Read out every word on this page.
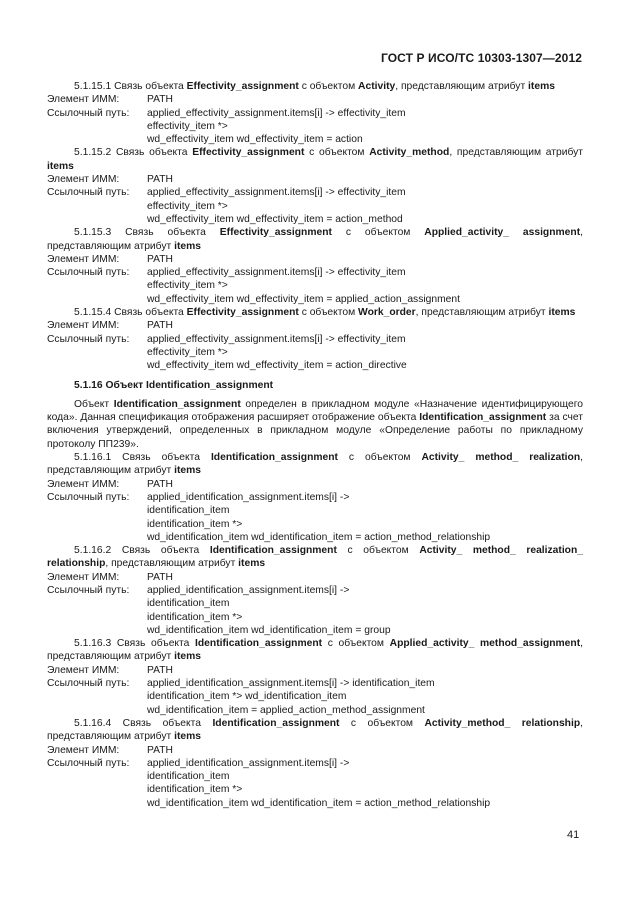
ГОСТ Р ИСО/ТС 10303-1307—2012

5.1.15.1 Связь объекта Effectivity_assignment с объектом Activity, представляющим атрибут items

Элемент ИММ:	PATH
Ссылочный путь:	applied_effectivity_assignment.items[i] -> effectivity_item
effectivity_item *>
wd_effectivity_item wd_effectivity_item = action

5.1.15.2 Связь объекта Effectivity_assignment с объектом Activity_method, представляющим атрибут items

Элемент ИММ:	PATH
Ссылочный путь:	applied_effectivity_assignment.items[i] -> effectivity_item
effectivity_item *>
wd_effectivity_item wd_effectivity_item = action_method

5.1.15.3 Связь объекта Effectivity_assignment с объектом Applied_activity_ assignment, представляющим атрибут items

Элемент ИММ:	PATH
Ссылочный путь:	applied_effectivity_assignment.items[i] -> effectivity_item
effectivity_item *>
wd_effectivity_item wd_effectivity_item = applied_action_assignment

5.1.15.4 Связь объекта Effectivity_assignment с объектом Work_order, представляющим атрибут items

Элемент ИММ:	PATH
Ссылочный путь:	applied_effectivity_assignment.items[i] -> effectivity_item
effectivity_item *>
wd_effectivity_item wd_effectivity_item = action_directive

5.1.16 Объект Identification_assignment

Объект Identification_assignment определен в прикладном модуле «Назначение идентифицирующего кода». Данная спецификация отображения расширяет отображение объекта Identification_assignment за счет включения утверждений, определенных в прикладном модуле «Определение работы по прикладному протоколу ПП239».

5.1.16.1 Связь объекта Identification_assignment с объектом Activity_ method_ realization, представляющим атрибут items

Элемент ИММ:	PATH
Ссылочный путь:	applied_identification_assignment.items[i] ->
identification_item
identification_item *>
wd_identification_item wd_identification_item = action_method_relationship

5.1.16.2 Связь объекта Identification_assignment с объектом Activity_ method_ realization_ relationship, представляющим атрибут items

Элемент ИММ:	PATH
Ссылочный путь:	applied_identification_assignment.items[i] ->
identification_item
identification_item *>
wd_identification_item wd_identification_item = group

5.1.16.3 Связь объекта Identification_assignment с объектом Applied_activity_ method_assignment, представляющим атрибут items

Элемент ИММ:	PATH
Ссылочный путь:	applied_identification_assignment.items[i] -> identification_item
identification_item *> wd_identification_item
wd_identification_item = applied_action_method_assignment

5.1.16.4 Связь объекта Identification_assignment с объектом Activity_method_ relationship, представляющим атрибут items

Элемент ИММ:	PATH
Ссылочный путь:	applied_identification_assignment.items[i] ->
identification_item
identification_item *>
wd_identification_item wd_identification_item = action_method_relationship
41
